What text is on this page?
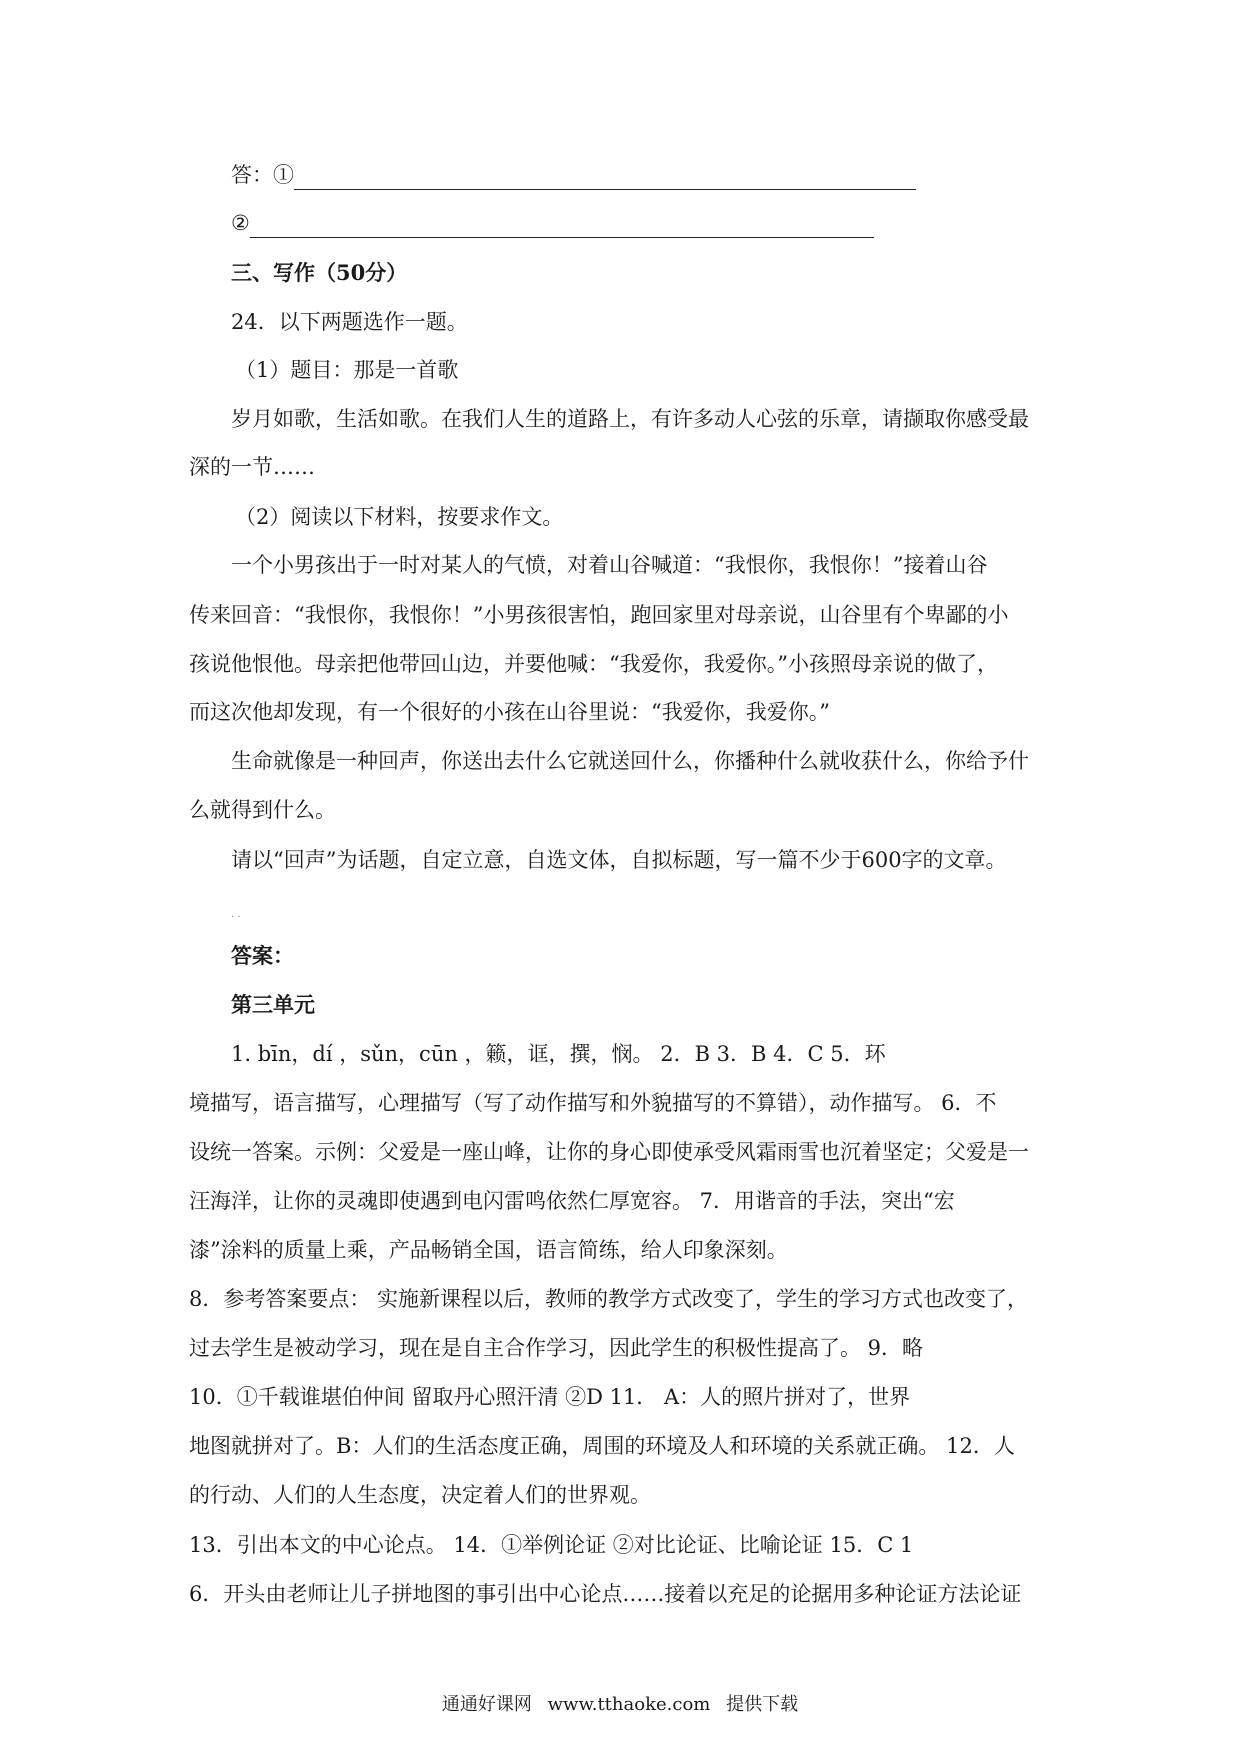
答：①
②
三、写作（50分）
24．以下两题选作一题。
（1）题目：那是一首歌
岁月如歌，生活如歌。在我们人生的道路上，有许多动人心弦的乐章，请撷取你感受最
深的一节……
（2）阅读以下材料，按要求作文。
一个小男孩出于一时对某人的气愤，对着山谷喊道：“我恨你，我恨你！”接着山谷
传来回音：“我恨你，我恨你！”小男孩很害怕，跑回家里对母亲说，山谷里有个卑鄙的小
孩说他恨他。母亲把他带回山边，并要他喊：“我爱你，我爱你。”小孩照母亲说的做了，
而这次他却发现，有一个很好的小孩在山谷里说：“我爱你，我爱你。”
生命就像是一种回声，你送出去什么它就送回什么，你播种什么就收获什么，你给予什
么就得到什么。
请以“回声”为话题，自定立意，自选文体，自拟标题，写一篇不少于600字的文章。
· ·
答案：
第三单元
1. bīn，dí ，sǔn，cūn ，籁，诓，撰，悯。 2．B 3．B 4．C 5．环
境描写，语言描写，心理描写（写了动作描写和外貌描写的不算错），动作描写。 6．不
设统一答案。示例：父爱是一座山峰，让你的身心即使承受风霜雨雪也沉着坚定；父爱是一
汪海洋，让你的灵魂即使遇到电闪雷鸣依然仁厚宽容。 7．用谐音的手法，突出“宏
漆”涂料的质量上乘，产品畅销全国，语言简练，给人印象深刻。
8．参考答案要点： 实施新课程以后，教师的教学方式改变了，学生的学习方式也改变了，
过去学生是被动学习，现在是自主合作学习，因此学生的积极性提高了。 9．略
10．①千载谁堪伯仲间 留取丹心照汗清 ②D 11． A：人的照片拼对了，世界
地图就拼对了。B：人们的生活态度正确，周围的环境及人和环境的关系就正确。 12．人
的行动、人们的人生态度，决定着人们的世界观。
13．引出本文的中心论点。 14．①举例论证 ②对比论证、比喻论证 15．C 1
6．开头由老师让儿子拼地图的事引出中心论点……接着以充足的论据用多种论证方法论证
通通好课网 www.tthaoke.com 提供下载
